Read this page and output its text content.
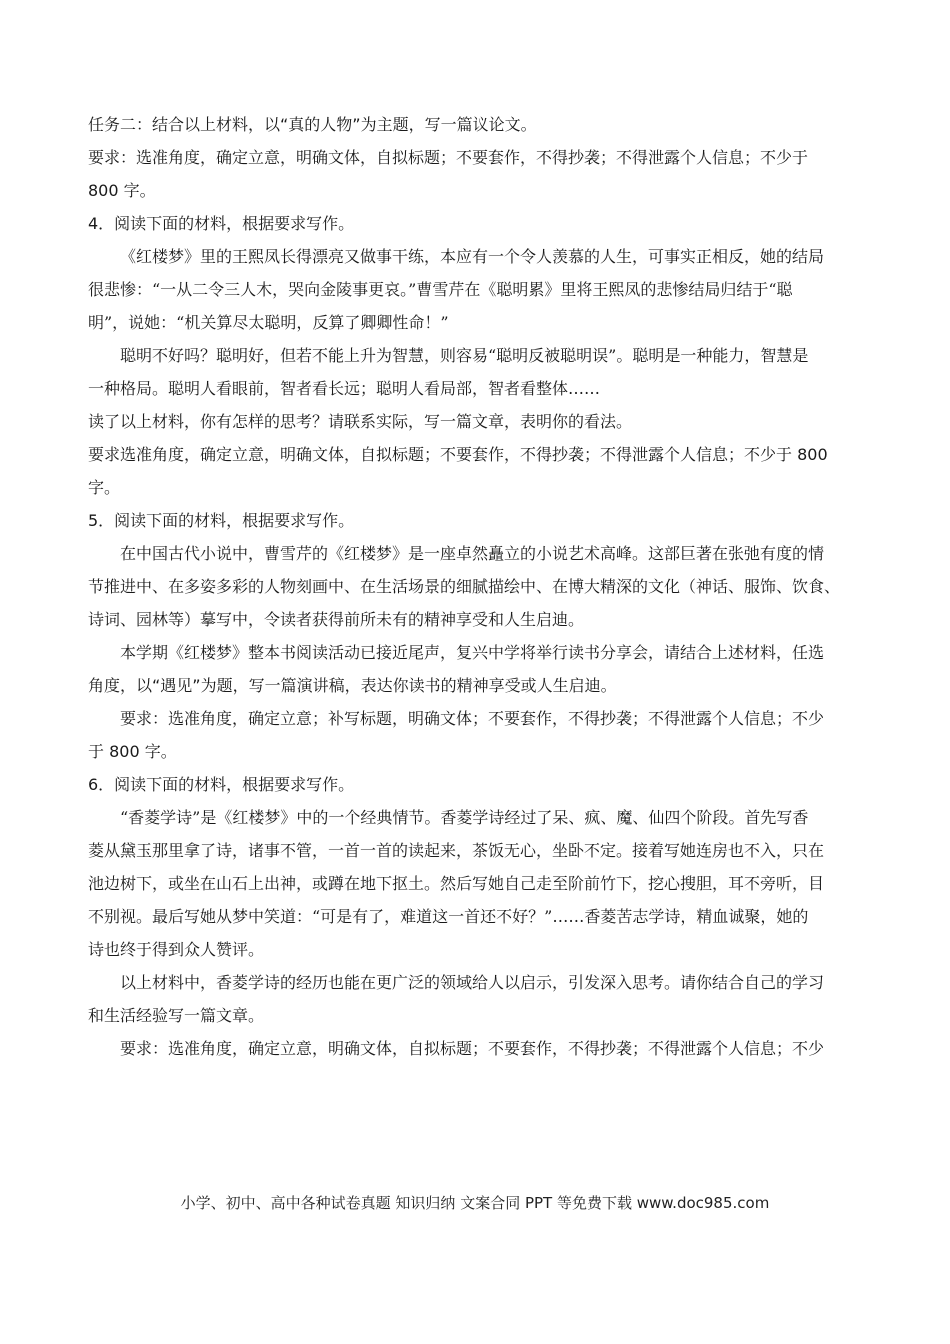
任务二：结合以上材料，以“真的人物”为主题，写一篇议论文。
要求：选准角度，确定立意，明确文体，自拟标题；不要套作，不得抄袭；不得泄露个人信息；不少于
800 字。
4．阅读下面的材料，根据要求写作。
《红楼梦》里的王熙凤长得漂亮又做事干练，本应有一个令人羡慕的人生，可事实正相反，她的结局
很悲惨：“一从二令三人木，哭向金陵事更哀。”曹雪芹在《聪明累》里将王熙凤的悲惨结局归结于“聪
明”，说她：“机关算尽太聪明，反算了卿卿性命！”
聪明不好吗？聪明好，但若不能上升为智慧，则容易“聪明反被聪明误”。聪明是一种能力，智慧是
一种格局。聪明人看眼前，智者看长远；聪明人看局部，智者看整体……
读了以上材料，你有怎样的思考？请联系实际，写一篇文章，表明你的看法。
要求选准角度，确定立意，明确文体，自拟标题；不要套作，不得抄袭；不得泄露个人信息；不少于 800
字。
5．阅读下面的材料，根据要求写作。
在中国古代小说中，曹雪芹的《红楼梦》是一座卓然矗立的小说艺术高峰。这部巨著在张弛有度的情
节推进中、在多姿多彩的人物刻画中、在生活场景的细腻描绘中、在博大精深的文化（神话、服饰、饮食、
诗词、园林等）摹写中，令读者获得前所未有的精神享受和人生启迪。
本学期《红楼梦》整本书阅读活动已接近尾声，复兴中学将举行读书分享会，请结合上述材料，任选
角度，以“遇见”为题，写一篇演讲稿，表达你读书的精神享受或人生启迪。
要求：选准角度，确定立意；补写标题，明确文体；不要套作，不得抄袭；不得泄露个人信息；不少
于 800 字。
6．阅读下面的材料，根据要求写作。
“香菱学诗”是《红楼梦》中的一个经典情节。香菱学诗经过了呆、疯、魔、仙四个阶段。首先写香
菱从黛玉那里拿了诗，诸事不管，一首一首的读起来，茶饭无心，坐卧不定。接着写她连房也不入，只在
池边树下，或坐在山石上出神，或蹲在地下抠土。然后写她自己走至阶前竹下，挖心搜胆，耳不旁听，目
不别视。最后写她从梦中笑道：“可是有了，难道这一首还不好？”……香菱苦志学诗，精血诚聚，她的
诗也终于得到众人赞评。
以上材料中，香菱学诗的经历也能在更广泛的领域给人以启示，引发深入思考。请你结合自己的学习
和生活经验写一篇文章。
要求：选准角度，确定立意，明确文体，自拟标题；不要套作，不得抄袭；不得泄露个人信息；不少
小学、初中、高中各种试卷真题 知识归纳 文案合同 PPT 等免费下载 www.doc985.com
